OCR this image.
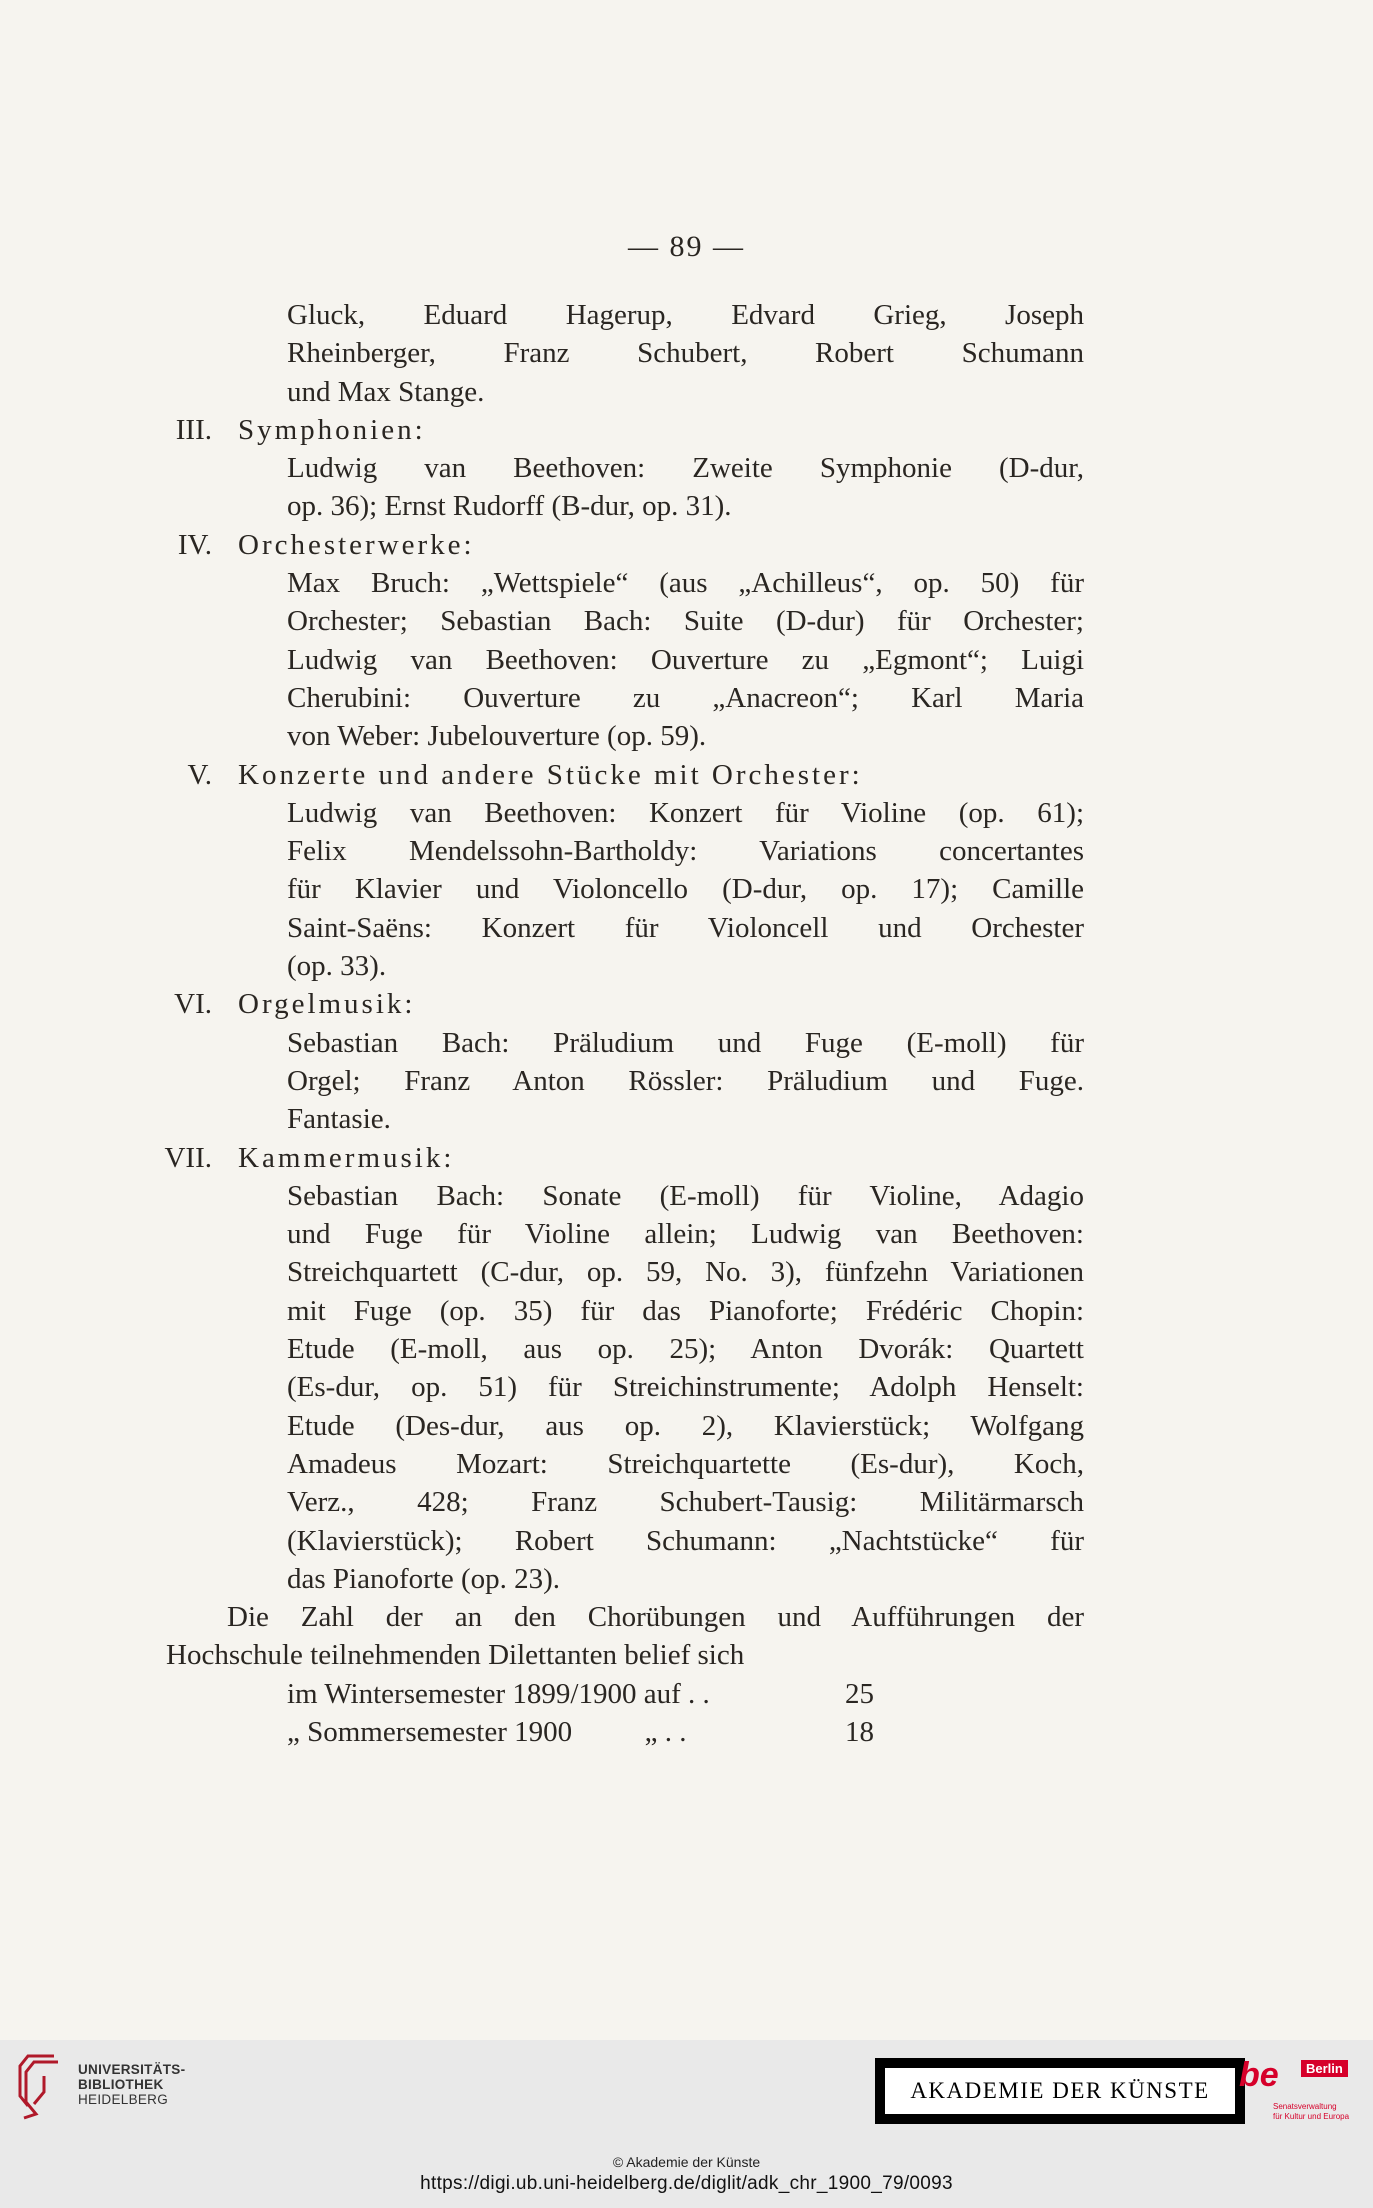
— 89 —
Gluck, Eduard Hagerup, Edvard Grieg, Joseph
Rheinberger, Franz Schubert, Robert Schumann
und Max Stange.
III. Symphonien:
Ludwig van Beethoven: Zweite Symphonie (D-dur,
op. 36); Ernst Rudorff (B-dur, op. 31).
IV. Orchesterwerke:
Max Bruch: „Wettspiele“ (aus „Achilleus“, op. 50) für
Orchester; Sebastian Bach: Suite (D-dur) für Orchester;
Ludwig van Beethoven: Ouverture zu „Egmont“; Luigi
Cherubini: Ouverture zu „Anacreon“; Karl Maria
von Weber: Jubelouverture (op. 59).
V. Konzerte und andere Stücke mit Orchester:
Ludwig van Beethoven: Konzert für Violine (op. 61);
Felix Mendelssohn-Bartholdy: Variations concertantes
für Klavier und Violoncello (D-dur, op. 17); Camille
Saint-Saëns: Konzert für Violoncell und Orchester
(op. 33).
VI. Orgelmusik:
Sebastian Bach: Präludium und Fuge (E-moll) für
Orgel; Franz Anton Rössler: Präludium und Fuge.
Fantasie.
VII. Kammermusik:
Sebastian Bach: Sonate (E-moll) für Violine, Adagio
und Fuge für Violine allein; Ludwig van Beethoven:
Streichquartett (C-dur, op. 59, No. 3), fünfzehn Variationen
mit Fuge (op. 35) für das Pianoforte; Frédéric Chopin:
Etude (E-moll, aus op. 25); Anton Dvorák: Quartett
(Es-dur, op. 51) für Streichinstrumente; Adolph Henselt:
Etude (Des-dur, aus op. 2), Klavierstück; Wolfgang
Amadeus Mozart: Streichquartette (Es-dur), Koch,
Verz., 428; Franz Schubert-Tausig: Militärmarsch
(Klavierstück); Robert Schumann: „Nachtstücke“ für
das Pianoforte (op. 23).
Die Zahl der an den Chorübungen und Aufführungen der
Hochschule teilnehmenden Dilettanten belief sich
im Wintersemester 1899/1900 auf . .	25
„ Sommersemester 1900          „ . .	18
UNIVERSITÄTS-
BIBLIOTHEK
HEIDELBERG	AKADEMIE DER KÜNSTE be	Berlin
Senatsverwaltung
für Kultur und Europa
© Akademie der Künste
https://digi.ub.uni-heidelberg.de/diglit/adk_chr_1900_79/0093
